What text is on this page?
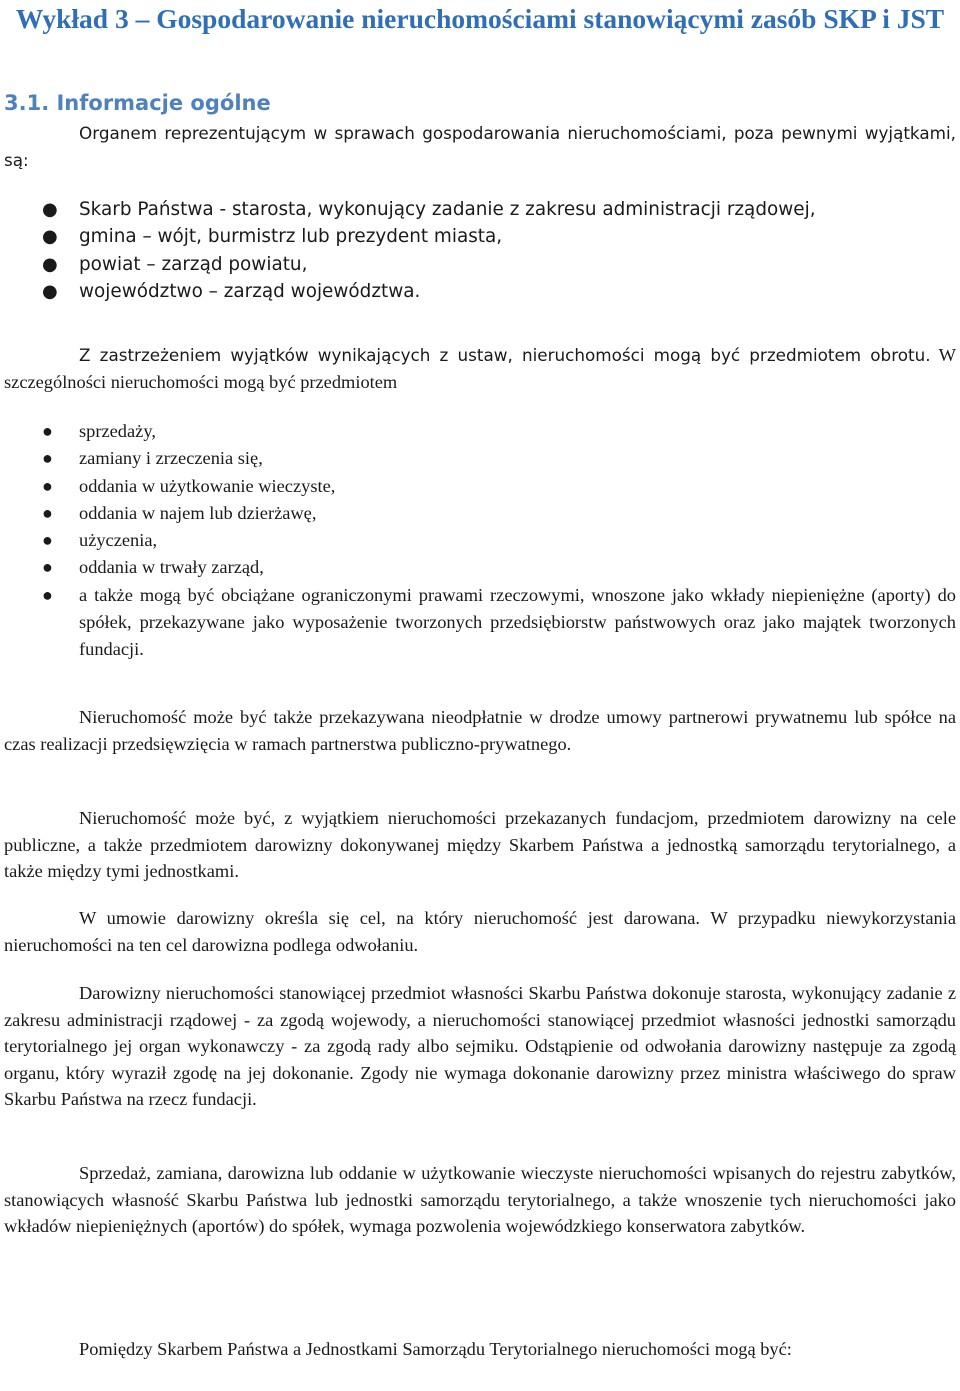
Wykład 3 – Gospodarowanie nieruchomościami stanowiącymi zasób SKP i JST
3.1. Informacje ogólne

Organem reprezentującym w sprawach gospodarowania nieruchomościami, poza pewnymi wyjątkami, są:

● Skarb Państwa - starosta, wykonujący zadanie z zakresu administracji rządowej,
● gmina – wójt, burmistrz lub prezydent miasta,
● powiat – zarząd powiatu,
● województwo – zarząd województwa.

Z zastrzeżeniem wyjątków wynikających z ustaw, nieruchomości mogą być przedmiotem obrotu. W szczególności nieruchomości mogą być przedmiotem

● sprzedaży,
● zamiany i zrzeczenia się,
● oddania w użytkowanie wieczyste,
● oddania w najem lub dzierżawę,
● użyczenia,
● oddania w trwały zarząd,
● a także mogą być obciążane ograniczonymi prawami rzeczowymi, wnoszone jako wkłady niepieniężne (aporty) do spółek, przekazywane jako wyposażenie tworzonych przedsiębiorstw państwowych oraz jako majątek tworzonych fundacji.

Nieruchomość może być także przekazywana nieodpłatnie w drodze umowy partnerowi prywatnemu lub spółce na czas realizacji przedsięwzięcia w ramach partnerstwa publiczno-prywatnego.

Nieruchomość może być, z wyjątkiem nieruchomości przekazanych fundacjom, przedmiotem darowizny na cele publiczne, a także przedmiotem darowizny dokonywanej między Skarbem Państwa a jednostką samorządu terytorialnego, a także między tymi jednostkami.

W umowie darowizny określa się cel, na który nieruchomość jest darowana. W przypadku niewykorzystania nieruchomości na ten cel darowizna podlega odwołaniu.

Darowizny nieruchomości stanowiącej przedmiot własności Skarbu Państwa dokonuje starosta, wykonujący zadanie z zakresu administracji rządowej - za zgodą wojewody, a nieruchomości stanowiącej przedmiot własności jednostki samorządu terytorialnego jej organ wykonawczy - za zgodą rady albo sejmiku. Odstąpienie od odwołania darowizny następuje za zgodą organu, który wyraził zgodę na jej dokonanie. Zgody nie wymaga dokonanie darowizny przez ministra właściwego do spraw Skarbu Państwa na rzecz fundacji.

Sprzedaż, zamiana, darowizna lub oddanie w użytkowanie wieczyste nieruchomości wpisanych do rejestru zabytków, stanowiących własność Skarbu Państwa lub jednostki samorządu terytorialnego, a także wnoszenie tych nieruchomości jako wkładów niepieniężnych (aportów) do spółek, wymaga pozwolenia wojewódzkiego konserwatora zabytków.

Pomiędzy Skarbem Państwa a Jednostkami Samorządu Terytorialnego nieruchomości mogą być:
